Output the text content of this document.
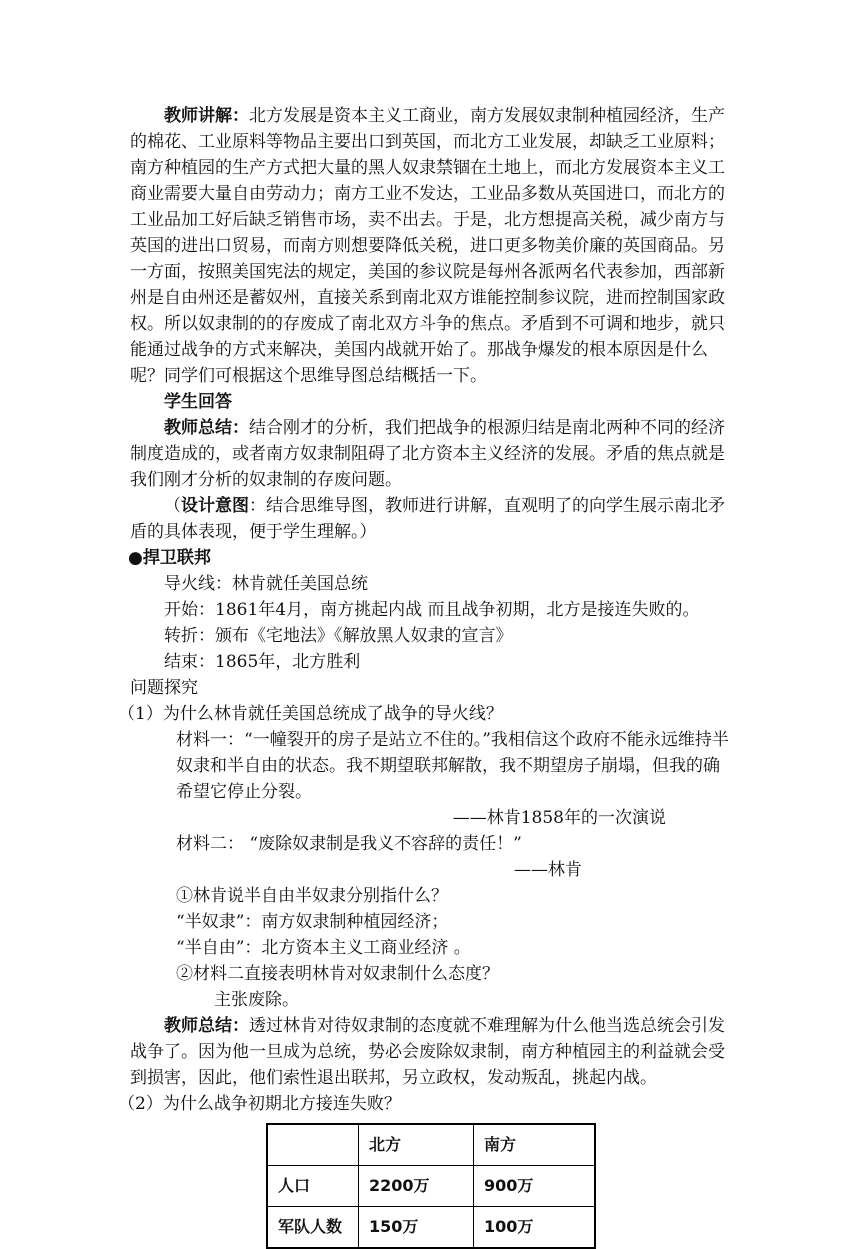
教师讲解：北方发展是资本主义工商业，南方发展奴隶制种植园经济，生产的棉花、工业原料等物品主要出口到英国，而北方工业发展，却缺乏工业原料；南方种植园的生产方式把大量的黑人奴隶禁锢在土地上，而北方发展资本主义工商业需要大量自由劳动力；南方工业不发达，工业品多数从英国进口，而北方的工业品加工好后缺乏销售市场，卖不出去。于是，北方想提高关税，减少南方与英国的进出口贸易，而南方则想要降低关税，进口更多物美价廉的英国商品。另一方面，按照美国宪法的规定，美国的参议院是每州各派两名代表参加，西部新州是自由州还是蓄奴州，直接关系到南北双方谁能控制参议院，进而控制国家政权。所以奴隶制的的存废成了南北双方斗争的焦点。矛盾到不可调和地步，就只能通过战争的方式来解决，美国内战就开始了。那战争爆发的根本原因是什么呢？同学们可根据这个思维导图总结概括一下。

学生回答

教师总结：结合刚才的分析，我们把战争的根源归结是南北两种不同的经济制度造成的，或者南方奴隶制阻碍了北方资本主义经济的发展。矛盾的焦点就是我们刚才分析的奴隶制的存废问题。

（设计意图：结合思维导图，教师进行讲解，直观明了的向学生展示南北矛盾的具体表现，便于学生理解。）

●捍卫联邦

导火线：林肯就任美国总统

开始：1861年4月，南方挑起内战 而且战争初期，北方是接连失败的。

转折：颁布《宅地法》《解放黑人奴隶的宣言》

结束：1865年，北方胜利

问题探究

（1）为什么林肯就任美国总统成了战争的导火线？

材料一：“一幢裂开的房子是站立不住的。”我相信这个政府不能永远维持半奴隶和半自由的状态。我不期望联邦解散，我不期望房子崩塌，但我的确希望它停止分裂。

——林肯1858年的一次演说

材料二： “废除奴隶制是我义不容辞的责任！”

——林肯

①林肯说半自由半奴隶分别指什么？

“半奴隶”：南方奴隶制种植园经济；

“半自由”：北方资本主义工商业经济 。

②材料二直接表明林肯对奴隶制什么态度？

主张废除。

教师总结：透过林肯对待奴隶制的态度就不难理解为什么他当选总统会引发战争了。因为他一旦成为总统，势必会废除奴隶制，南方种植园主的利益就会受到损害，因此，他们索性退出联邦，另立政权，发动叛乱，挑起内战。

（2）为什么战争初期北方接连失败？

	北方	南方
人口	2200万	900万
军队人数	150万	100万
